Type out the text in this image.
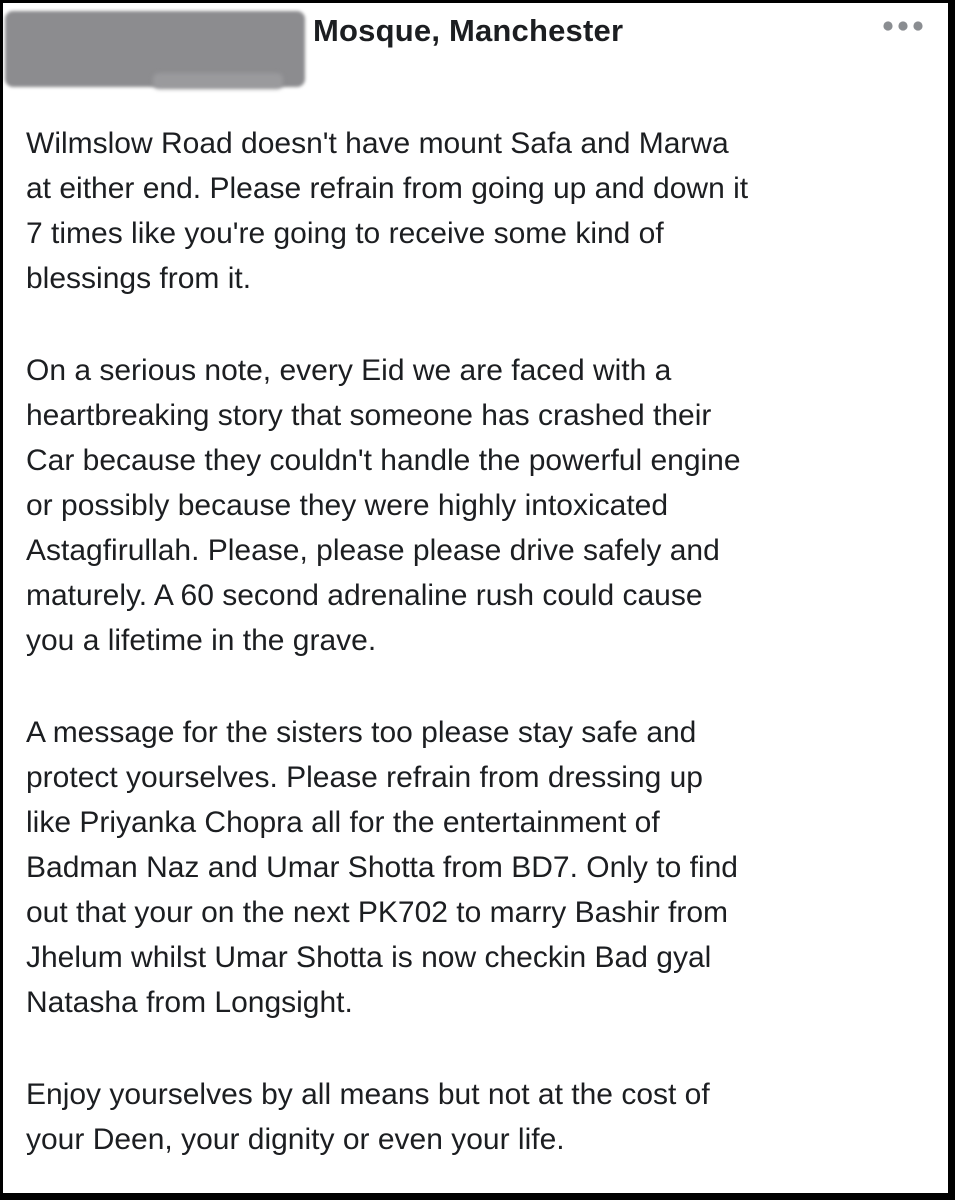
Mosque, Manchester

Wilmslow Road doesn't have mount Safa and Marwa
at either end. Please refrain from going up and down it
7 times like you're going to receive some kind of
blessings from it.

On a serious note, every Eid we are faced with a
heartbreaking story that someone has crashed their
Car because they couldn't handle the powerful engine
or possibly because they were highly intoxicated
Astagfirullah. Please, please please drive safely and
maturely. A 60 second adrenaline rush could cause
you a lifetime in the grave.

A message for the sisters too please stay safe and
protect yourselves. Please refrain from dressing up
like Priyanka Chopra all for the entertainment of
Badman Naz and Umar Shotta from BD7. Only to find
out that your on the next PK702 to marry Bashir from
Jhelum whilst Umar Shotta is now checkin Bad gyal
Natasha from Longsight.

Enjoy yourselves by all means but not at the cost of
your Deen, your dignity or even your life.
